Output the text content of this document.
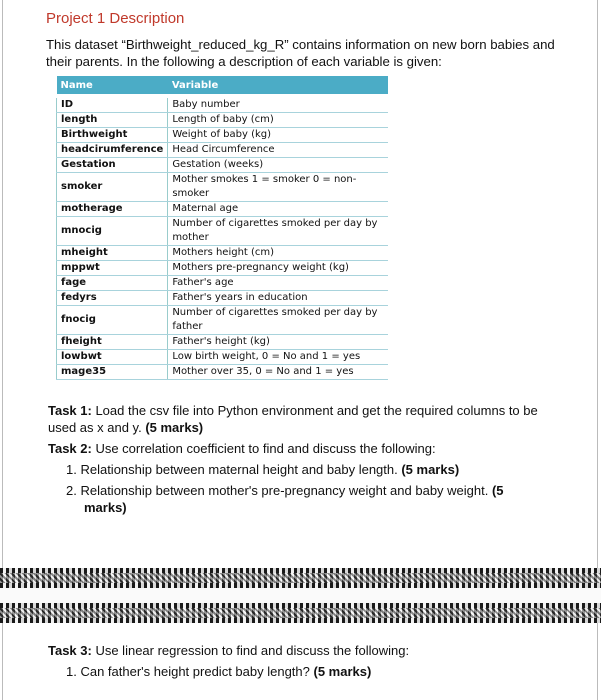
Project 1 Description
This dataset “Birthweight_reduced_kg_R” contains information on new born babies and their parents. In the following a description of each variable is given:
Name	Variable
ID	Baby number
length	Length of baby (cm)
Birthweight	Weight of baby (kg)
headcirumference	Head Circumference
Gestation	Gestation (weeks)
smoker	Mother smokes 1 = smoker 0 = non-smoker
motherage	Maternal age
mnocig	Number of cigarettes smoked per day by mother
mheight	Mothers height (cm)
mppwt	Mothers pre-pregnancy weight (kg)
fage	Father's age
fedyrs	Father's years in education
fnocig	Number of cigarettes smoked per day by father
fheight	Father's height (kg)
lowbwt	Low birth weight, 0 = No and 1 = yes
mage35	Mother over 35, 0 = No and 1 = yes
Task 1: Load the csv file into Python environment and get the required columns to be used as x and y. (5 marks)
Task 2: Use correlation coefficient to find and discuss the following:
1. Relationship between maternal height and baby length. (5 marks)
2. Relationship between mother's pre-pregnancy weight and baby weight. (5 marks)
Task 3: Use linear regression to find and discuss the following:
1. Can father's height predict baby length? (5 marks)
